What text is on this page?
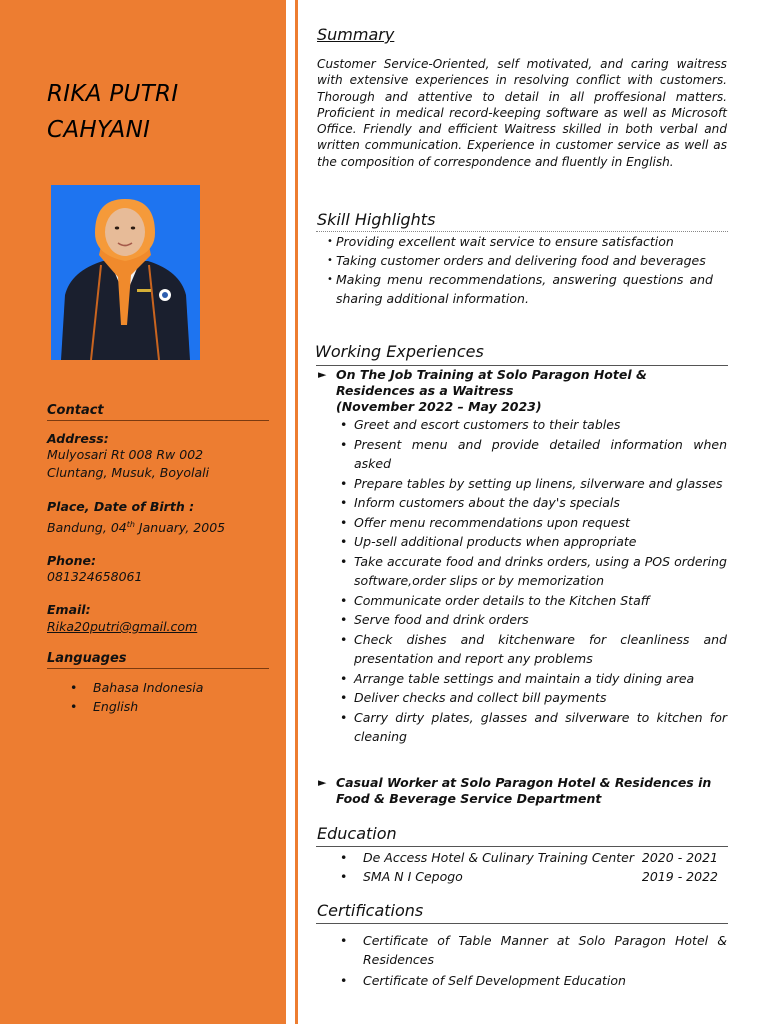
RIKA PUTRI
CAHYANI
Contact
Address:
Mulyosari Rt 008 Rw 002
Cluntang, Musuk, Boyolali
Place, Date of Birth :
Bandung, 04th January, 2005
Phone:
081324658061
Email:
Rika20putri@gmail.com
Languages
• Bahasa Indonesia
• English
Summary
Customer Service-Oriented, self motivated, and caring waitress with extensive experiences in resolving conflict with customers. Thorough and attentive to detail in all proffesional matters. Proficient in medical record-keeping software as well as Microsoft Office. Friendly and efficient Waitress skilled in both verbal and written communication. Experience in customer service as well as the composition of correspondence and fluently in English.
Skill Highlights
• Providing excellent wait service to ensure satisfaction
• Taking customer orders and delivering food and beverages
• Making menu recommendations, answering questions and sharing additional information.
Working Experiences
► On The Job Training at Solo Paragon Hotel & Residences as a Waitress
(November 2022 – May 2023)
• Greet and escort customers to their tables
• Present menu and provide detailed information when asked
• Prepare tables by setting up linens, silverware and glasses
• Inform customers about the day's specials
• Offer menu recommendations upon request
• Up-sell additional products when appropriate
• Take accurate food and drinks orders, using a POS ordering software,order slips or by memorization
• Communicate order details to the Kitchen Staff
• Serve food and drink orders
• Check dishes and kitchenware for cleanliness and presentation and report any problems
• Arrange table settings and maintain a tidy dining area
• Deliver checks and collect bill payments
• Carry dirty plates, glasses and silverware to kitchen for cleaning
► Casual Worker at Solo Paragon Hotel & Residences in Food & Beverage Service Department
Education
• De Access Hotel & Culinary Training Center 2020 - 2021
• SMA N I Cepogo	2019 - 2022
Certifications
• Certificate of Table Manner at Solo Paragon Hotel & Residences
• Certificate of Self Development Education
